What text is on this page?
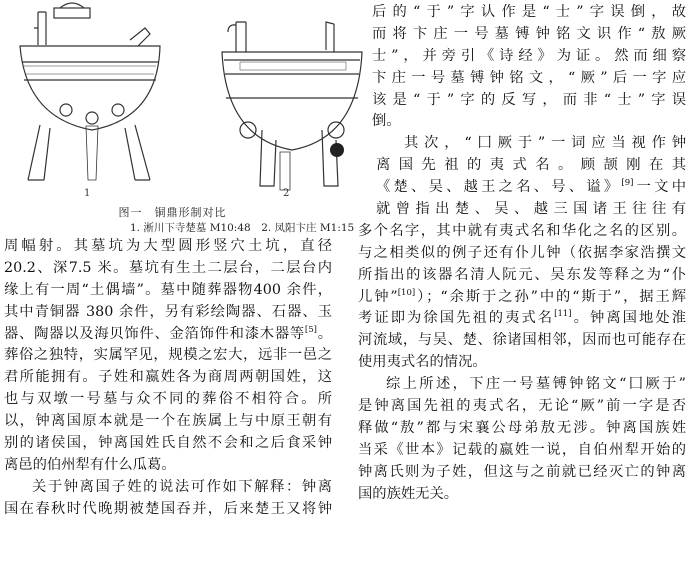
1	2
图一　铜鼎形制对比
1. 淅川下寺楚墓 M10:48　2. 凤阳卞庄 M1:15
周幅射。其墓坑为大型圆形竖穴土坑，直径
20.2、深7.5 米。墓坑有生土二层台，二层台内
缘上有一周“土偶墙”。墓中随葬器物400 余件，
其中青铜器 380 余件，另有彩绘陶器、石器、玉
器、陶器以及海贝饰件、金箔饰件和漆木器等[5]。
葬俗之独特，实属罕见，规模之宏大，远非一邑之
君所能拥有。子姓和嬴姓各为商周两朝国姓，这
也与双墩一号墓与众不同的葬俗不相符合。所
以，钟离国原本就是一个在族属上与中原王朝有
别的诸侯国，钟离国姓氏自然不会和之后食采钟
离邑的伯州犁有什么瓜葛。
关于钟离国子姓的说法可作如下解释：钟离
国在春秋时代晚期被楚国吞并，后来楚王又将钟
后的“于”字认作是“士”字误倒，故
而将卞庄一号墓镈钟铭文识作“敖厥
士”，并旁引《诗经》为证。然而细察
卞庄一号墓镈钟铭文，“厥”后一字应
该是“于”字的反写，而非“士”字误
倒。
其次，“囗厥于”一词应当视作钟
离国先祖的夷式名。顾颉刚在其
《楚、吴、越王之名、号、谥》[9]一文中
就曾指出楚、吴、越三国诸王往往有
多个名字，其中就有夷式名和华化之名的区别。
与之相类似的例子还有仆儿钟（依据李家浩撰文
所指出的该器名清人阮元、吴东发等释之为“仆
儿钟”[10]）；“余斯于之孙”中的“斯于”，据王辉
考证即为徐国先祖的夷式名[11]。钟离国地处淮
河流域，与吴、楚、徐诸国相邻，因而也可能存在
使用夷式名的情况。
综上所述，下庄一号墓镈钟铭文“囗厥于”
是钟离国先祖的夷式名，无论“厥”前一字是否
释做“敖”都与宋襄公母弟敖无涉。钟离国族姓
当采《世本》记载的嬴姓一说，自伯州犁开始的
钟离氏则为子姓，但这与之前就已经灭亡的钟离
国的族姓无关。
